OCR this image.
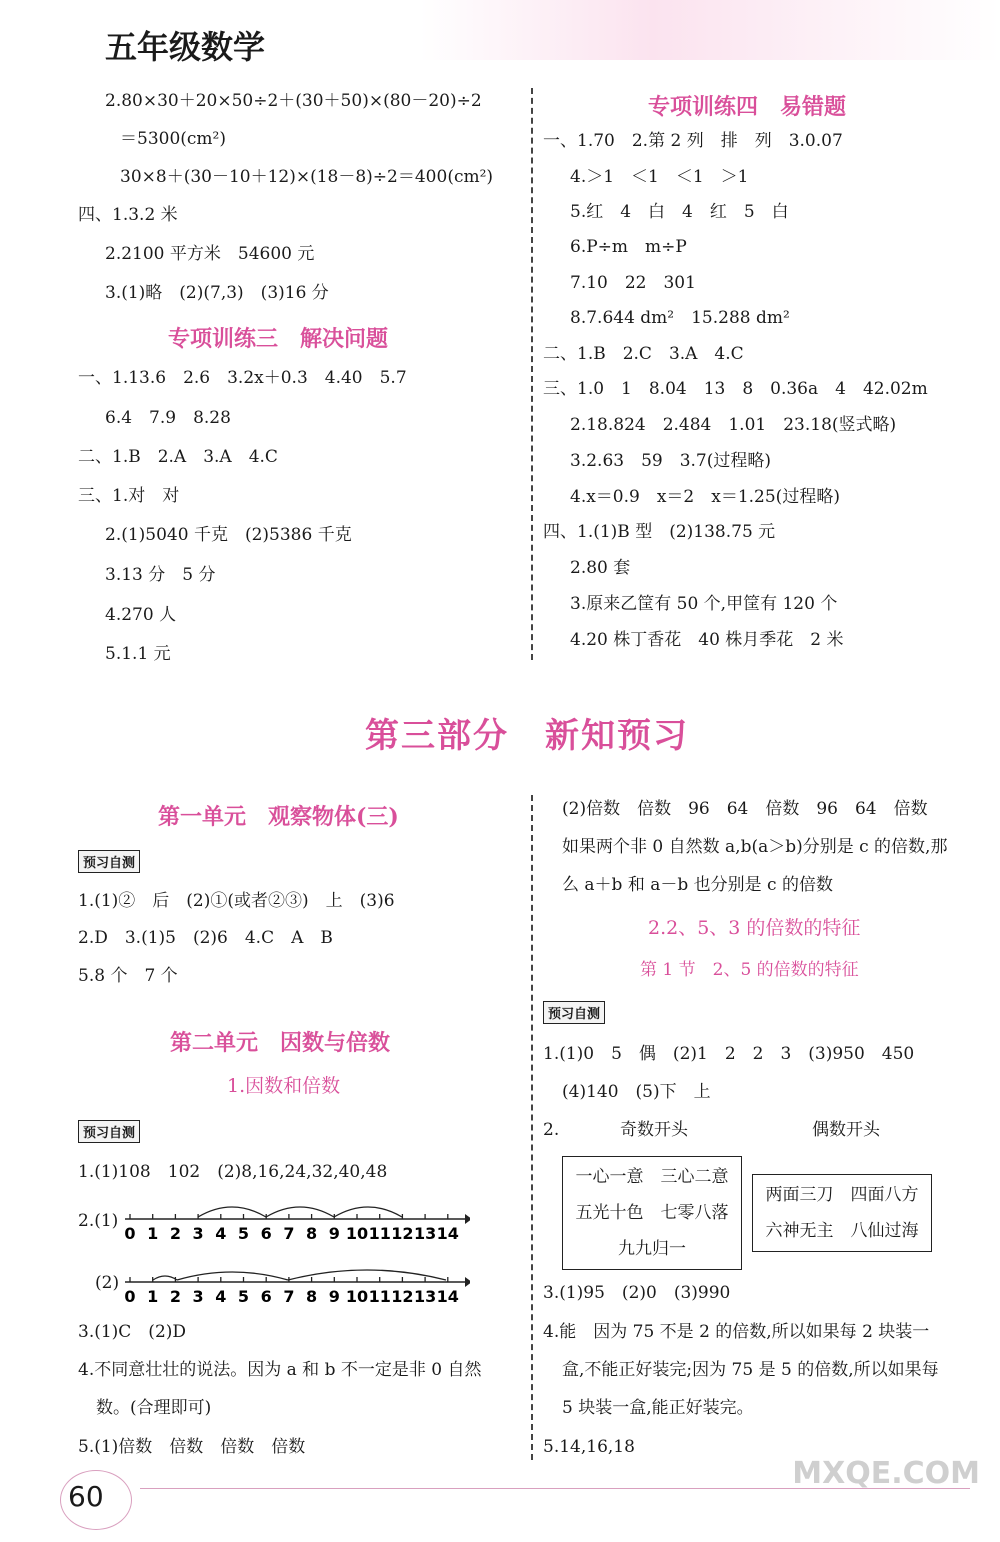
五年级数学
2.80×30＋20×50÷2＋(30＋50)×(80－20)÷2
＝5300(cm²)
30×8＋(30－10＋12)×(18－8)÷2＝400(cm²)
四、1.3.2 米
2.2100 平方米　54600 元
3.(1)略　(2)(7,3)　(3)16 分
专项训练三　解决问题
一、1.13.6　2.6　3.2x＋0.3　4.40　5.7
6.4　7.9　8.28
二、1.B　2.A　3.A　4.C
三、1.对　对
2.(1)5040 千克　(2)5386 千克
3.13 分　5 分
4.270 人
5.1.1 元
专项训练四　易错题
一、1.70　2.第 2 列　排　列　3.0.07
4.＞1　＜1　＜1　＞1
5.红　4　白　4　红　5　白
6.P÷m　m÷P
7.10　22　301
8.7.644 dm²　15.288 dm²
二、1.B　2.C　3.A　4.C
三、1.0　1　8.04　13　8　0.36a　4　42.02m
2.18.824　2.484　1.01　23.18(竖式略)
3.2.63　59　3.7(过程略)
4.x＝0.9　x＝2　x＝1.25(过程略)
四、1.(1)B 型　(2)138.75 元
2.80 套
3.原来乙筐有 50 个,甲筐有 120 个
4.20 株丁香花　40 株月季花　2 米
第三部分　新知预习
第一单元　观察物体(三)
预习自测
1.(1)②　后　(2)①(或者②③)　上　(3)6
2.D　3.(1)5　(2)6　4.C　A　B
5.8 个　7 个
第二单元　因数与倍数
1.因数和倍数
预习自测
1.(1)108　102　(2)8,16,24,32,40,48
2.(1)
0 1 2 3 4 5 6 7 8 9 10 11 12 13 14
(2)
0 1 2 3 4 5 6 7 8 9 10 11 12 13 14
3.(1)C　(2)D
4.不同意壮壮的说法。因为 a 和 b 不一定是非 0 自然
数。(合理即可)
5.(1)倍数　倍数　倍数　倍数
(2)倍数　倍数　96　64　倍数　96　64　倍数
如果两个非 0 自然数 a,b(a＞b)分别是 c 的倍数,那
么 a＋b 和 a－b 也分别是 c 的倍数
2.2、5、3 的倍数的特征
第 1 节　2、5 的倍数的特征
预习自测
1.(1)0　5　偶　(2)1　2　2　3　(3)950　450
(4)140　(5)下　上
2.	奇数开头	偶数开头
一心一意　三心二意
五光十色　七零八落
九九归一
两面三刀　四面八方
六神无主　八仙过海
3.(1)95　(2)0　(3)990
4.能　因为 75 不是 2 的倍数,所以如果每 2 块装一
盒,不能正好装完;因为 75 是 5 的倍数,所以如果每
5 块装一盒,能正好装完。
5.14,16,18
60
MXQE.COM
